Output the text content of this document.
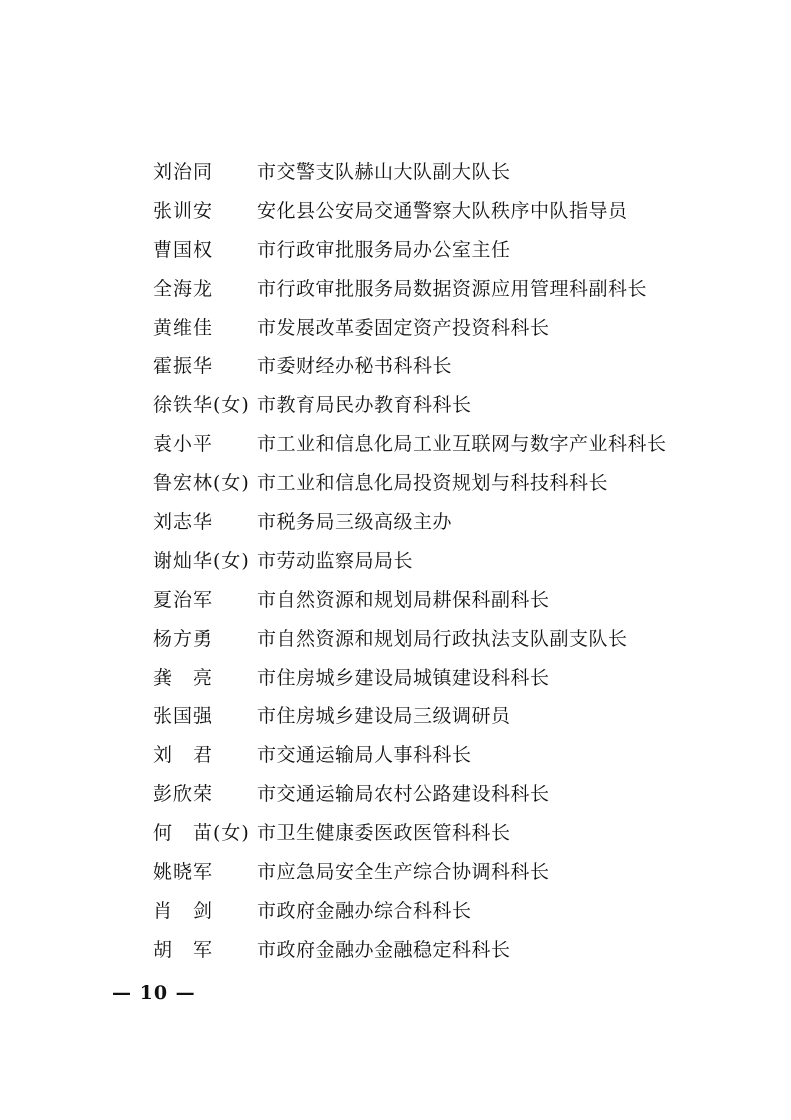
刘治同	市交警支队赫山大队副大队长
张训安	安化县公安局交通警察大队秩序中队指导员
曹国权	市行政审批服务局办公室主任
全海龙	市行政审批服务局数据资源应用管理科副科长
黄维佳	市发展改革委固定资产投资科科长
霍振华	市委财经办秘书科科长
徐铁华(女) 市教育局民办教育科科长
袁小平	市工业和信息化局工业互联网与数字产业科科长
鲁宏林(女) 市工业和信息化局投资规划与科技科科长
刘志华	市税务局三级高级主办
谢灿华(女) 市劳动监察局局长
夏治军	市自然资源和规划局耕保科副科长
杨方勇	市自然资源和规划局行政执法支队副支队长
龚　亮	市住房城乡建设局城镇建设科科长
张国强	市住房城乡建设局三级调研员
刘　君	市交通运输局人事科科长
彭欣荣	市交通运输局农村公路建设科科长
何　苗(女) 市卫生健康委医政医管科科长
姚晓军	市应急局安全生产综合协调科科长
肖　剑	市政府金融办综合科科长
胡　军	市政府金融办金融稳定科科长
— 10 —
